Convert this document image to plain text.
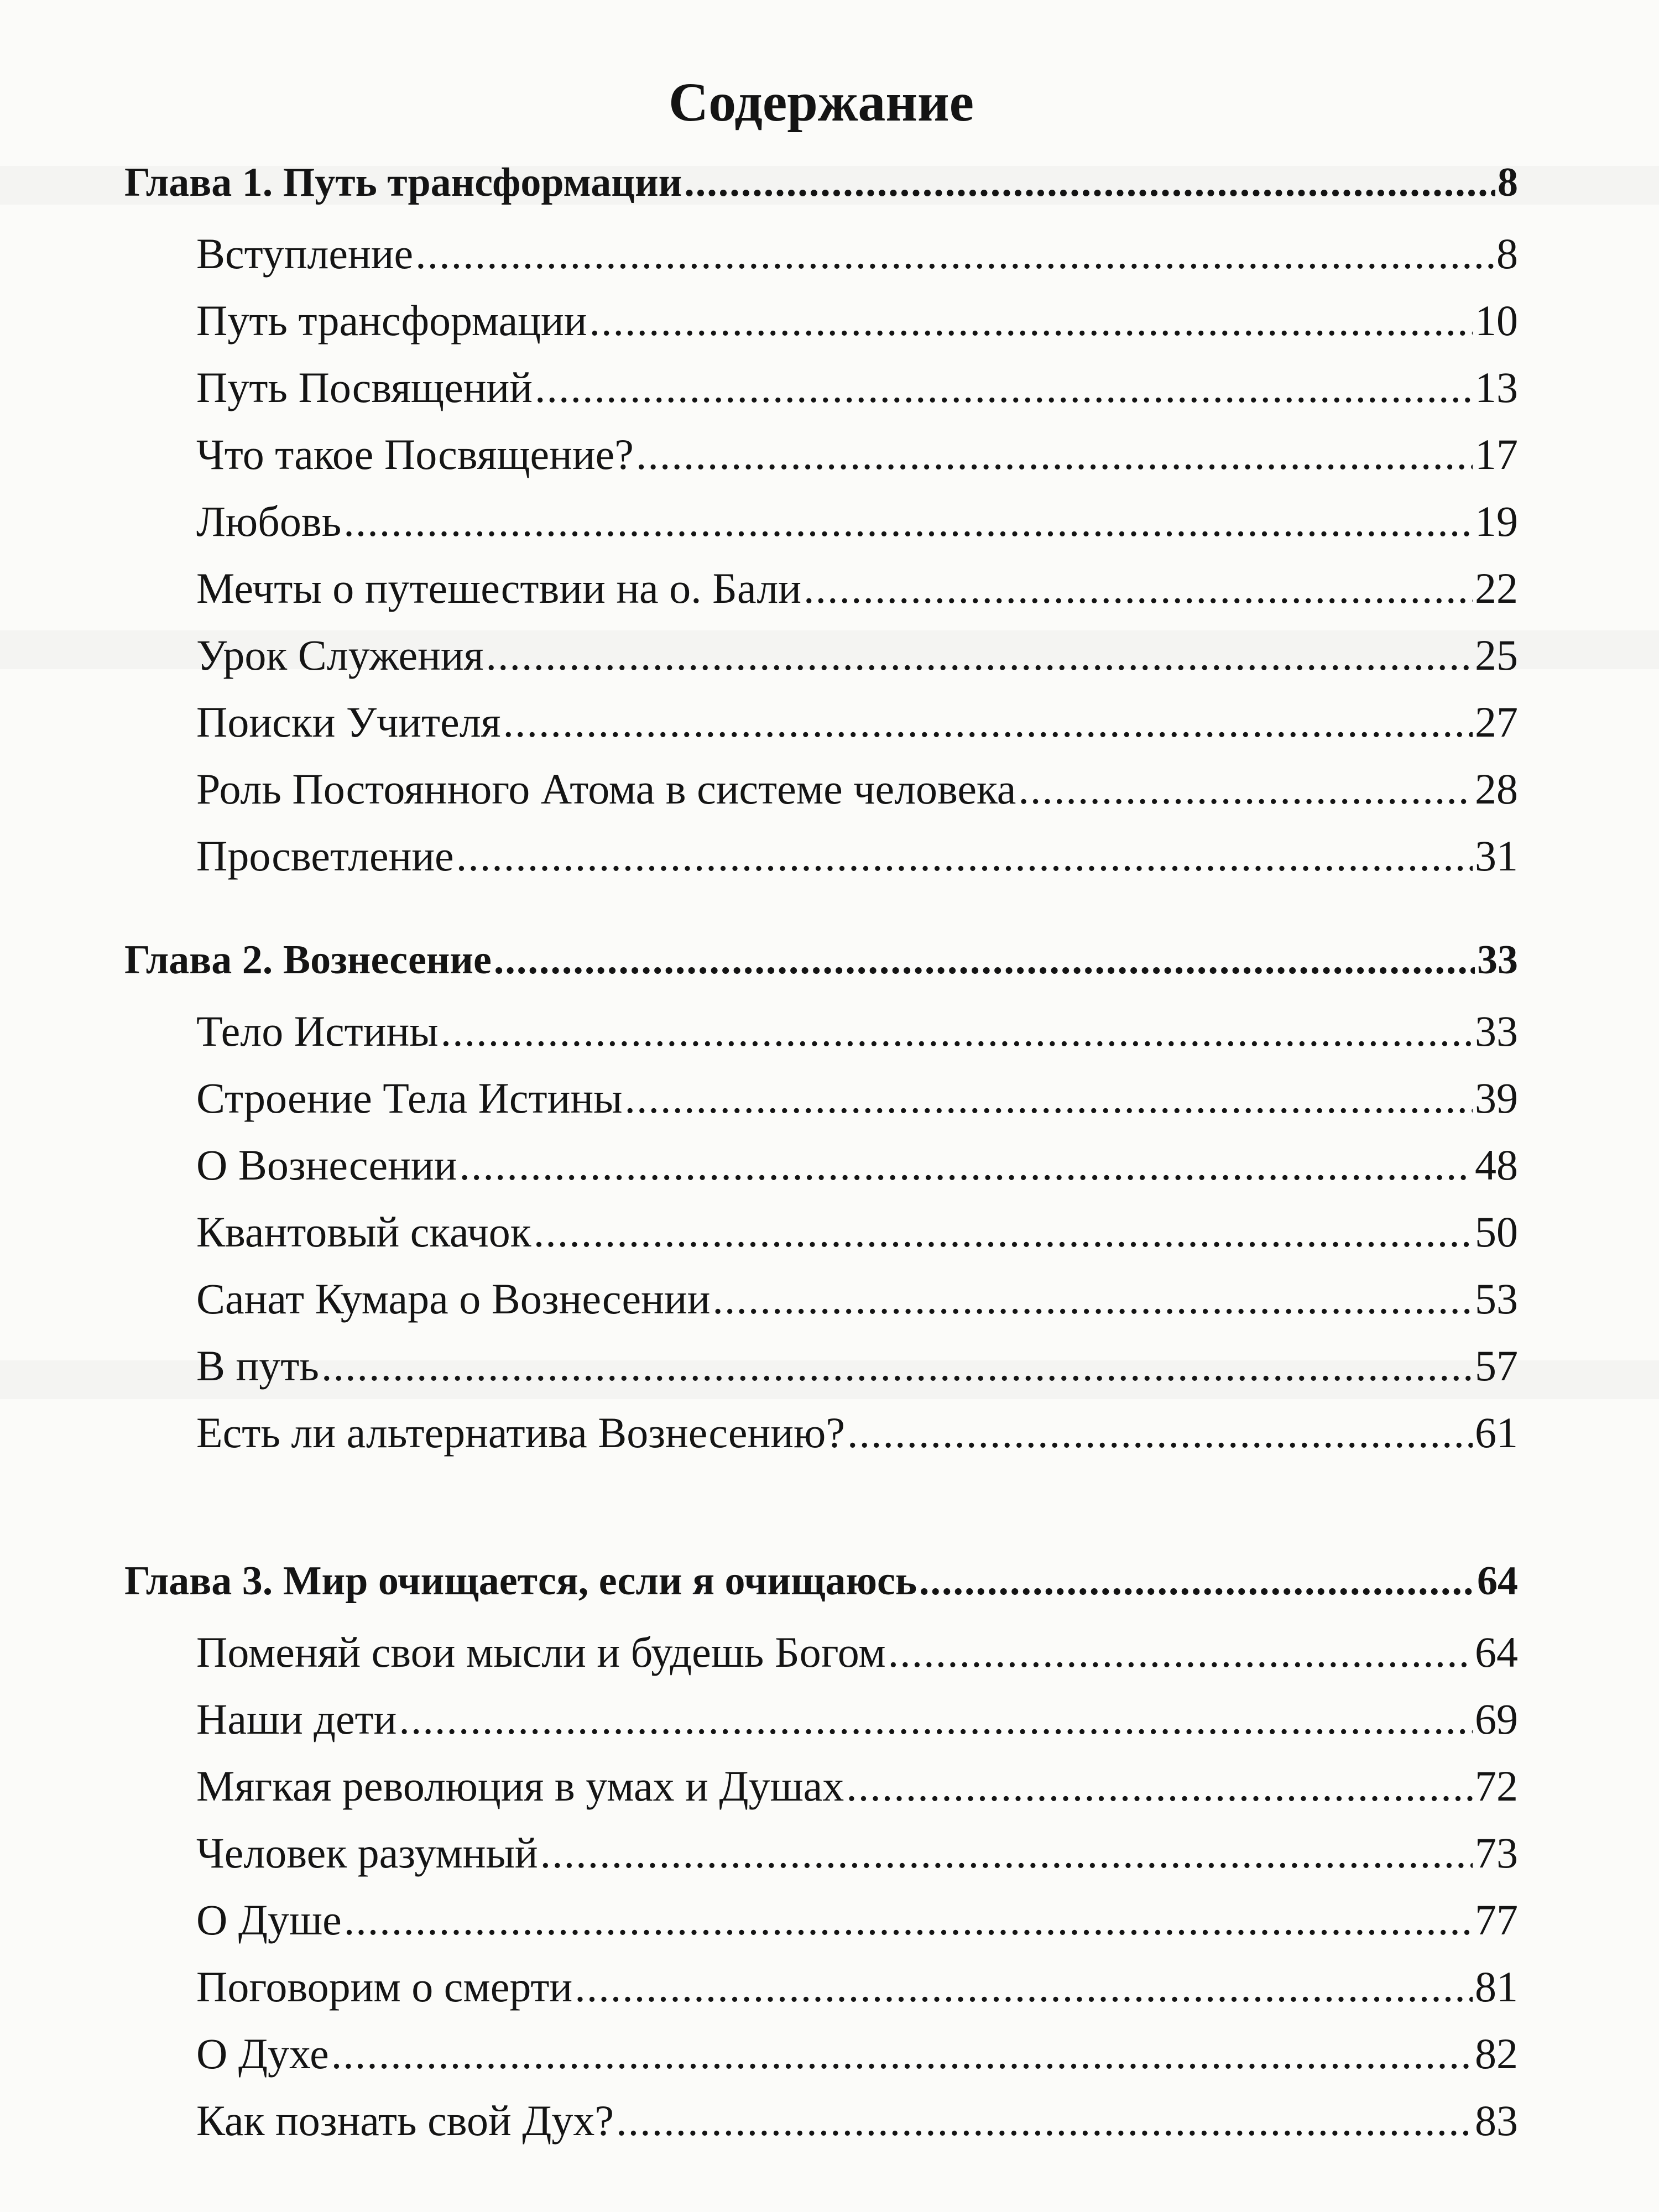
Содержание
Глава 1. Путь трансформации .....	8
Вступление .....	8
Путь трансформации .....	10
Путь Посвящений .....	13
Что такое Посвящение? .....	17
Любовь .....	19
Мечты о путешествии на о. Бали .....	22
Урок Служения .....	25
Поиски Учителя .....	27
Роль Постоянного Атома в системе человека .....	28
Просветление .....	31
Глава 2. Вознесение .....	33
Тело Истины .....	33
Строение Тела Истины .....	39
О Вознесении .....	48
Квантовый скачок .....	50
Санат Кумара о Вознесении .....	53
В путь .....	57
Есть ли альтернатива Вознесению? .....	61
Глава 3. Мир очищается, если я очищаюсь .....	64
Поменяй свои мысли и будешь Богом .....	64
Наши дети .....	69
Мягкая революция в умах и Душах .....	72
Человек разумный .....	73
О Душе .....	77
Поговорим о смерти .....	81
О Духе .....	82
Как познать свой Дух? .....	83
